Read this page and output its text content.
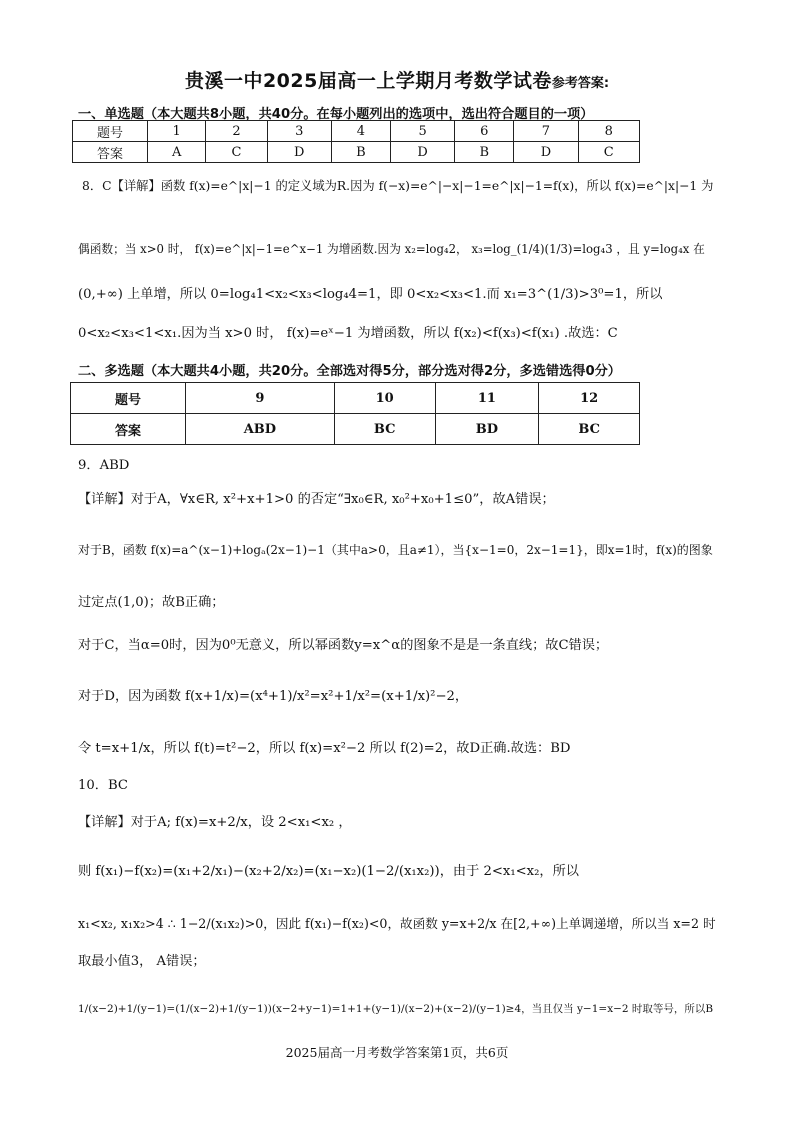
贵溪一中2025届高一上学期月考数学试卷参考答案:
一、单选题（本大题共8小题，共40分。在每小题列出的选项中，选出符合题目的一项）
题号	1	2	3	4	5	6	7	8
答案	A	C	D	B	D	B	D	C
8．C【详解】函数 f(x)=e^|x|−1 的定义域为R.因为 f(−x)=e^|−x|−1=e^|x|−1=f(x)，所以 f(x)=e^|x|−1 为
偶函数；当 x>0 时， f(x)=e^|x|−1=e^x−1 为增函数.因为 x₂=log₄2， x₃=log_(1/4)(1/3)=log₄3 ，且 y=log₄x 在
(0,+∞) 上单增，所以 0=log₄1<x₂<x₃<log₄4=1，即 0<x₂<x₃<1.而 x₁=3^(1/3)>3⁰=1，所以
0<x₂<x₃<1<x₁.因为当 x>0 时， f(x)=eˣ−1 为增函数，所以 f(x₂)<f(x₃)<f(x₁) .故选：C
二、多选题（本大题共4小题，共20分。全部选对得5分，部分选对得2分，多选错选得0分）
题号	9	10	11	12
答案	ABD	BC	BD	BC
9．ABD
【详解】对于A，∀x∈R, x²+x+1>0 的否定“∃x₀∈R, x₀²+x₀+1≤0”，故A错误；
对于B，函数 f(x)=a^(x−1)+logₐ(2x−1)−1（其中a>0，且a≠1），当{x−1=0，2x−1=1}，即x=1时，f(x)的图象
过定点(1,0)；故B正确；
对于C，当α=0时，因为0⁰无意义，所以幂函数y=x^α的图象不是是一条直线；故C错误；
对于D，因为函数 f(x+1/x)=(x⁴+1)/x²=x²+1/x²=(x+1/x)²−2，
令 t=x+1/x，所以 f(t)=t²−2，所以 f(x)=x²−2 所以 f(2)=2，故D正确.故选：BD
10．BC
【详解】对于A; f(x)=x+2/x，设 2<x₁<x₂ ，
则 f(x₁)−f(x₂)=(x₁+2/x₁)−(x₂+2/x₂)=(x₁−x₂)(1−2/(x₁x₂))，由于 2<x₁<x₂，所以
x₁<x₂, x₁x₂>4 ∴ 1−2/(x₁x₂)>0，因此 f(x₁)−f(x₂)<0，故函数 y=x+2/x 在[2,+∞)上单调递增，所以当 x=2 时
取最小值3， A错误；
1/(x−2)+1/(y−1)=(1/(x−2)+1/(y−1))(x−2+y−1)=1+1+(y−1)/(x−2)+(x−2)/(y−1)≥4，当且仅当 y−1=x−2 时取等号，所以B
2025届高一月考数学答案第1页，共6页
